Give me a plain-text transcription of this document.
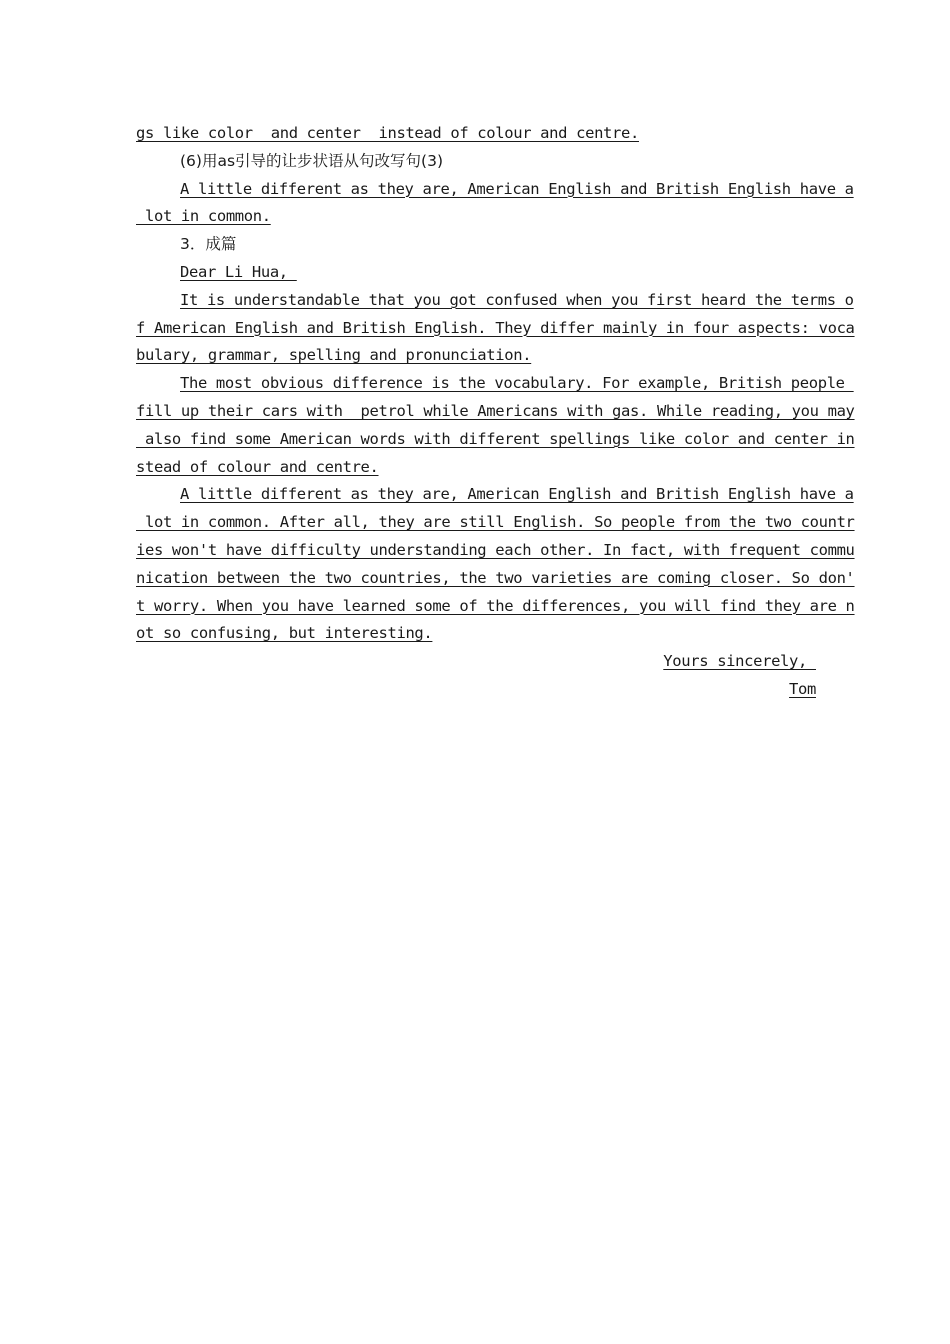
gs like color  and center  instead of colour and centre.
(6)用as引导的让步状语从句改写句(3)
A little different as they are, American English and British English have a
lot in common.
3．成篇
Dear Li Hua,
It is understandable that you got confused when you first heard the terms o
f American English and British English. They differ mainly in four aspects: voca
bulary, grammar, spelling and pronunciation.
The most obvious difference is the vocabulary. For example, British people
fill up their cars with  petrol while Americans with gas. While reading, you may
also find some American words with different spellings like color and center in
stead of colour and centre.
A little different as they are, American English and British English have a
lot in common. After all, they are still English. So people from the two countr
ies won't have difficulty understanding each other. In fact, with frequent commu
nication between the two countries, the two varieties are coming closer. So don'
t worry. When you have learned some of the differences, you will find they are n
ot so confusing, but interesting.
Yours sincerely,
Tom
